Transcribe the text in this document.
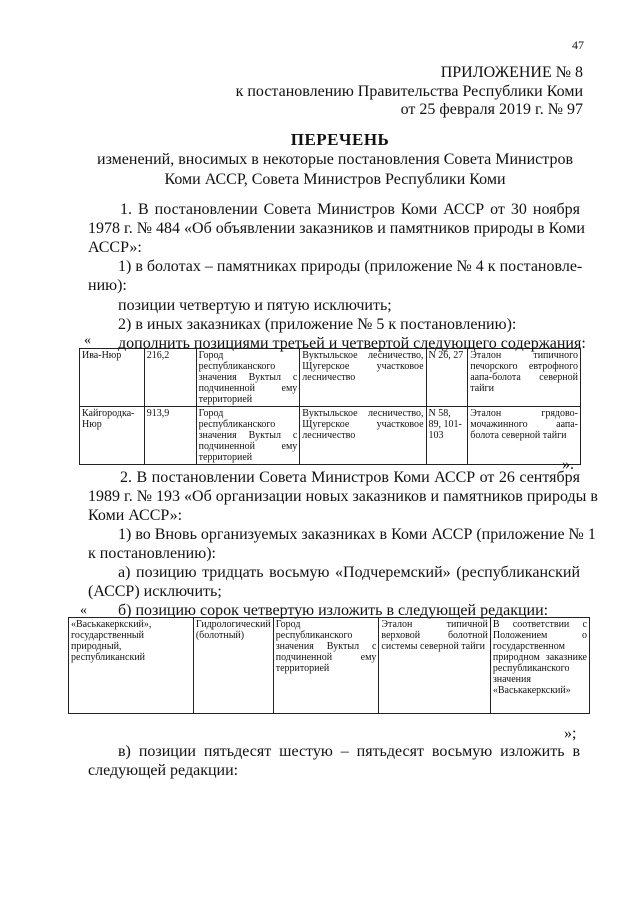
47
ПРИЛОЖЕНИЕ № 8
к постановлению Правительства Республики Коми
от 25 февраля 2019 г. № 97
ПЕРЕЧЕНЬ
изменений, вносимых в некоторые постановления Совета Министров
Коми АССР, Совета Министров Республики Коми
1. В постановлении Совета Министров Коми АССР от 30 ноября
1978 г. № 484 «Об объявлении заказников и памятников природы в Коми
АССР»:
1) в болотах – памятниках природы (приложение № 4 к постановле-
нию):
позиции четвертую и пятую исключить;
2) в иных заказниках (приложение № 5 к постановлению):
дополнить позициями третьей и четвертой следующего содержания:
«
Ива-Нюр	216,2	Город республиканского значения Вуктыл с подчиненной ему территорией	Вуктыльское лесничество, Щугерское участковое лесничество	N 26, 27	Эталон типичного печорского евтрофного аапа-болота северной тайги
Кайгородка-Нюр	913,9	Город республиканского значения Вуктыл с подчиненной ему территорией	Вуктыльское лесничество, Щугерское участковое лесничество	N 58, 89, 101-103	Эталон грядово-мочажинного аапа-болота северной тайги
».
2. В постановлении Совета Министров Коми АССР от 26 сентября
1989 г. № 193 «Об организации новых заказников и памятников природы в
Коми АССР»:
1) во Вновь организуемых заказниках в Коми АССР (приложение № 1
к постановлению):
а) позицию тридцать восьмую «Подчеремский» (республиканский
(АССР) исключить;
б) позицию сорок четвертую изложить в следующей редакции:
«
«Васькакеркский», государственный природный, республиканский	Гидрологический (болотный)	Город республиканского значения Вуктыл с подчиненной ему территорией	Эталон типичной верховой болотной системы северной тайги	В соответствии с Положением о государственном природном заказнике республиканского значения «Васькакеркский»
»;
в) позиции пятьдесят шестую – пятьдесят восьмую изложить в
следующей редакции:
